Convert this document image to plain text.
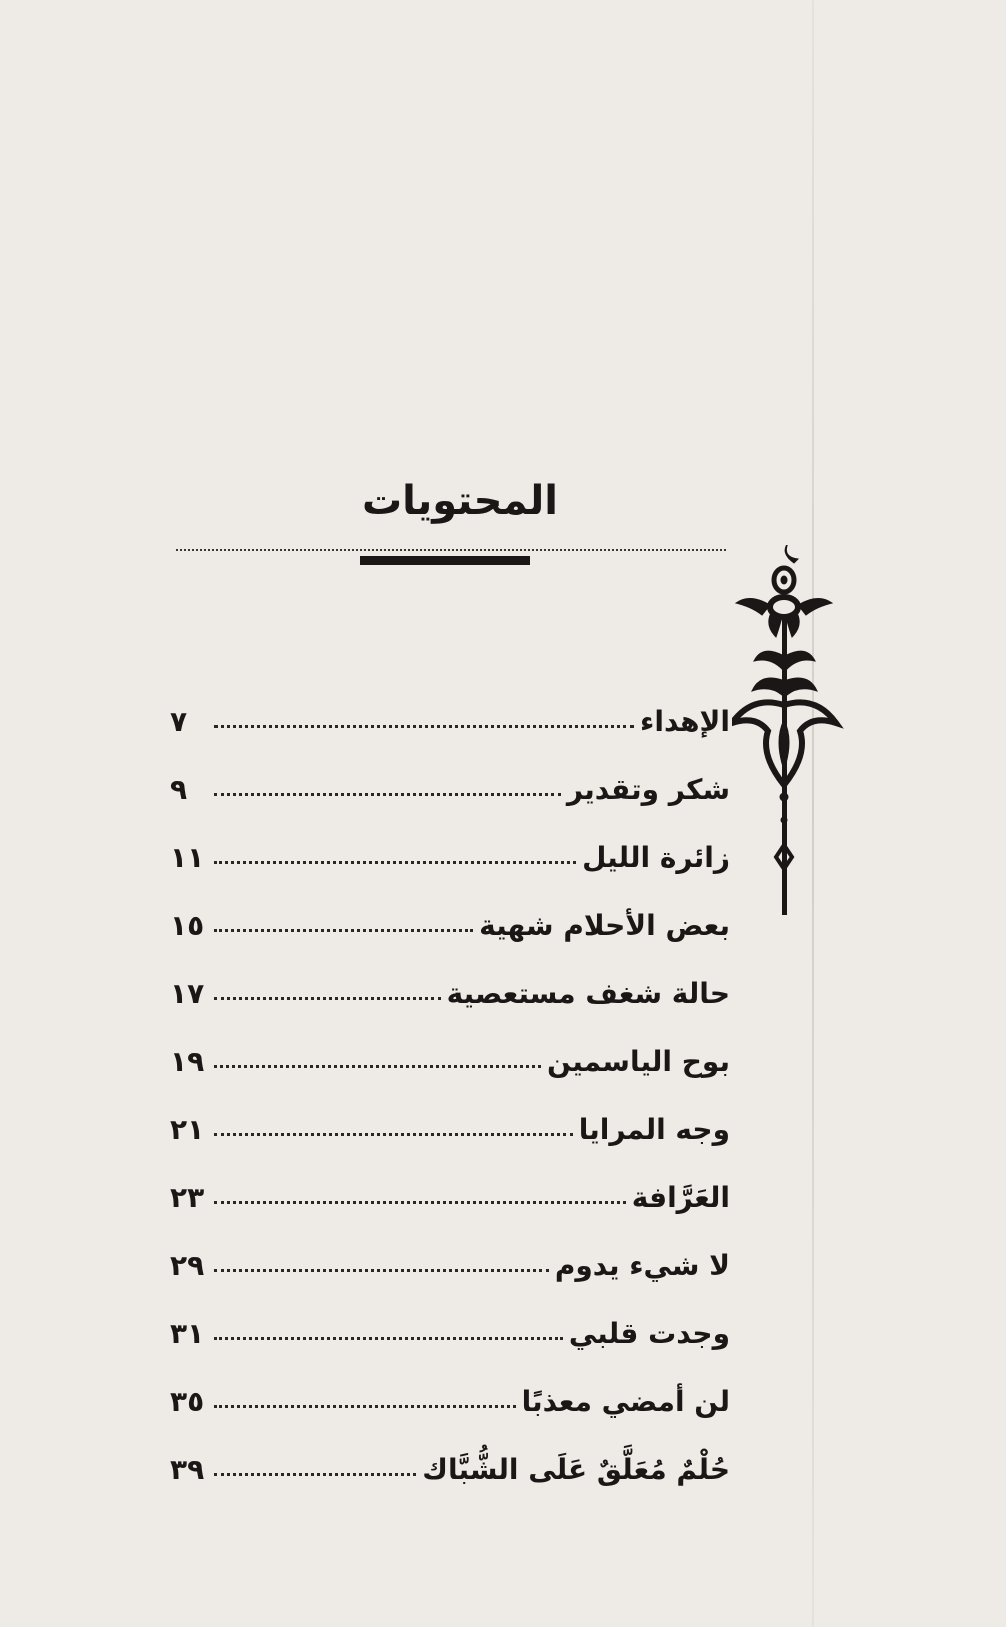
المحتويات
الإهداء
٧
شكر وتقدير
٩
زائرة الليل
١١
بعض الأحلام شهية
١٥
حالة شغف مستعصية
١٧
بوح الياسمين
١٩
وجه المرايا
٢١
العَرَّافة
٢٣
لا شيء يدوم
٢٩
وجدت قلبي
٣١
لن أمضي معذبًا
٣٥
حُلْمٌ مُعَلَّقٌ عَلَى الشُّبَّاك
٣٩
